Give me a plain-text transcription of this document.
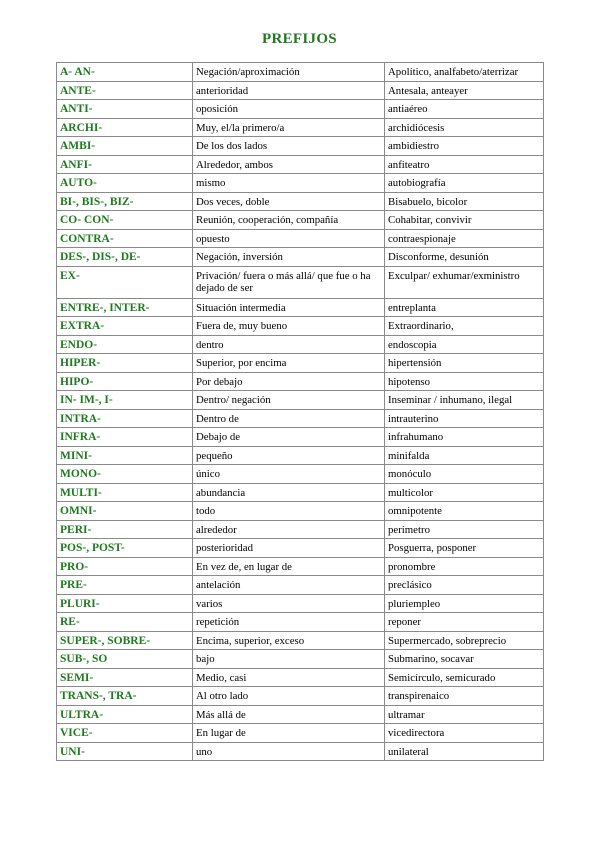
PREFIJOS
A- AN-	Negación/aproximación	Apolítico, analfabeto/aterrizar
ANTE-	anterioridad	Antesala, anteayer
ANTI-	oposición	antiaéreo
ARCHI-	Muy, el/la primero/a	archidiócesis
AMBI-	De los dos lados	ambidiestro
ANFI-	Alrededor, ambos	anfiteatro
AUTO-	mismo	autobiografía
BI-, BIS-, BIZ-	Dos veces, doble	Bisabuelo, bicolor
CO- CON-	Reunión, cooperación, compañía	Cohabitar, convivir
CONTRA-	opuesto	contraespionaje
DES-, DIS-, DE-	Negación, inversión	Disconforme, desunión
EX-	Privación/ fuera o más allá/ que fue o ha dejado de ser	Exculpar/ exhumar/exministro
ENTRE-, INTER-	Situación intermedia	entreplanta
EXTRA-	Fuera de, muy bueno	Extraordinario,
ENDO-	dentro	endoscopia
HIPER-	Superior, por encima	hipertensión
HIPO-	Por debajo	hipotenso
IN- IM-, I-	Dentro/ negación	Inseminar / inhumano, ilegal
INTRA-	Dentro de	intrauterino
INFRA-	Debajo de	infrahumano
MINI-	pequeño	minifalda
MONO-	único	monóculo
MULTI-	abundancia	multicolor
OMNI-	todo	omnipotente
PERI-	alrededor	perímetro
POS-, POST-	posterioridad	Posguerra, posponer
PRO-	En vez de, en lugar de	pronombre
PRE-	antelación	preclásico
PLURI-	varios	pluriempleo
RE-	repetición	reponer
SUPER-, SOBRE-	Encima, superior, exceso	Supermercado, sobreprecio
SUB-, SO	bajo	Submarino, socavar
SEMI-	Medio, casi	Semicírculo, semicurado
TRANS-, TRA-	Al otro lado	transpirenaico
ULTRA-	Más allá de	ultramar
VICE-	En lugar de	vicedirectora
UNI-	uno	unilateral
